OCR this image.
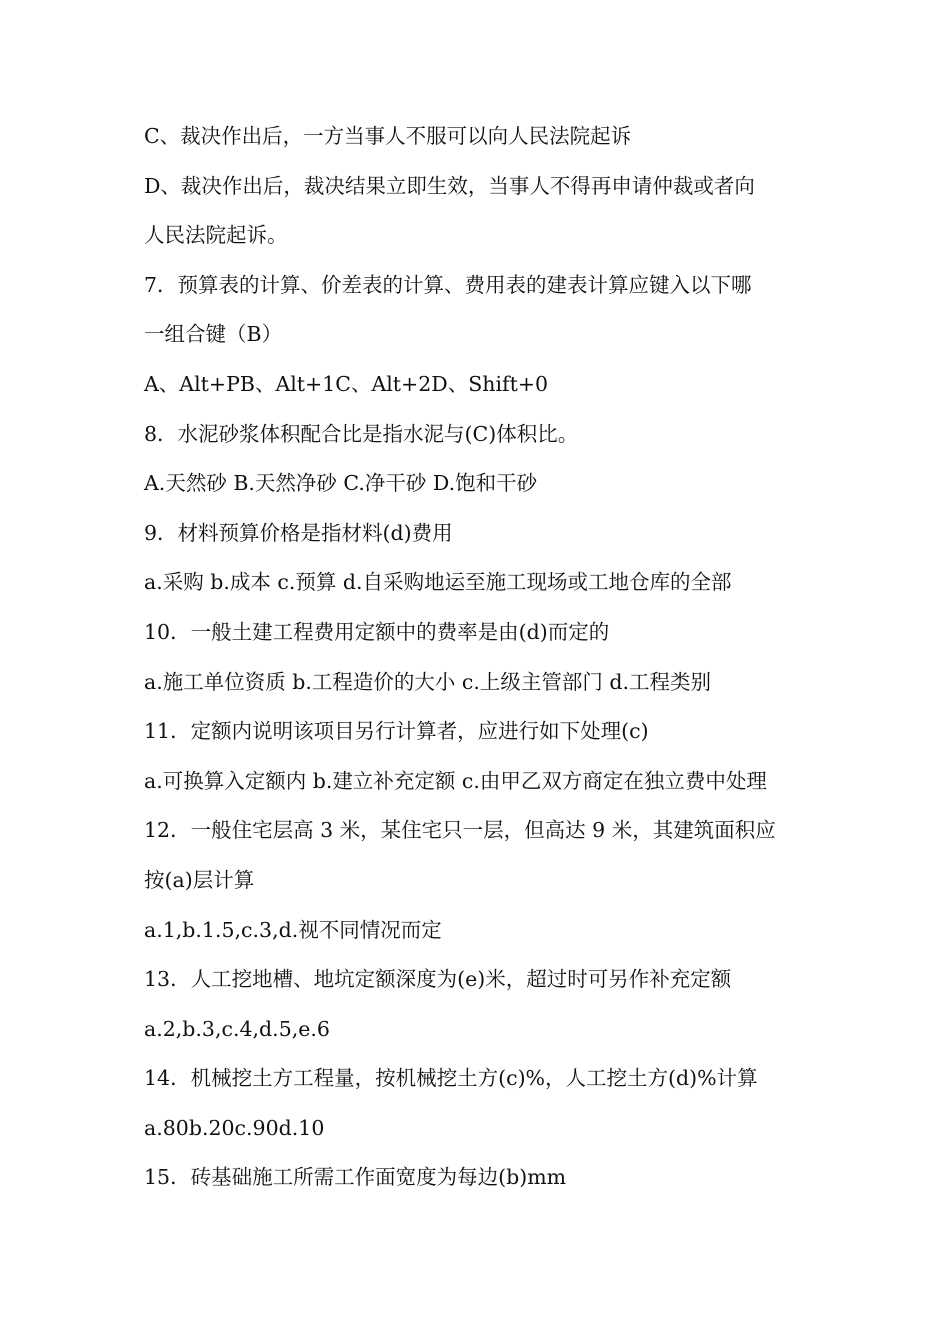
C、裁决作出后，一方当事人不服可以向人民法院起诉
D、裁决作出后，裁决结果立即生效，当事人不得再申请仲裁或者向
人民法院起诉。
7．预算表的计算、价差表的计算、费用表的建表计算应键入以下哪
一组合键（B）
A、Alt+PB、Alt+1C、Alt+2D、Shift+0
8．水泥砂浆体积配合比是指水泥与(C)体积比。
A.天然砂 B.天然净砂 C.净干砂 D.饱和干砂
9．材料预算价格是指材料(d)费用
a.采购 b.成本 c.预算 d.自采购地运至施工现场或工地仓库的全部
10．一般土建工程费用定额中的费率是由(d)而定的
a.施工单位资质 b.工程造价的大小 c.上级主管部门 d.工程类别
11．定额内说明该项目另行计算者，应进行如下处理(c)
a.可换算入定额内 b.建立补充定额 c.由甲乙双方商定在独立费中处理
12．一般住宅层高 3 米，某住宅只一层，但高达 9 米，其建筑面积应
按(a)层计算
a.1,b.1.5,c.3,d.视不同情况而定
13．人工挖地槽、地坑定额深度为(e)米，超过时可另作补充定额
a.2,b.3,c.4,d.5,e.6
14．机械挖土方工程量，按机械挖土方(c)%，人工挖土方(d)%计算
a.80b.20c.90d.10
15．砖基础施工所需工作面宽度为每边(b)mm
